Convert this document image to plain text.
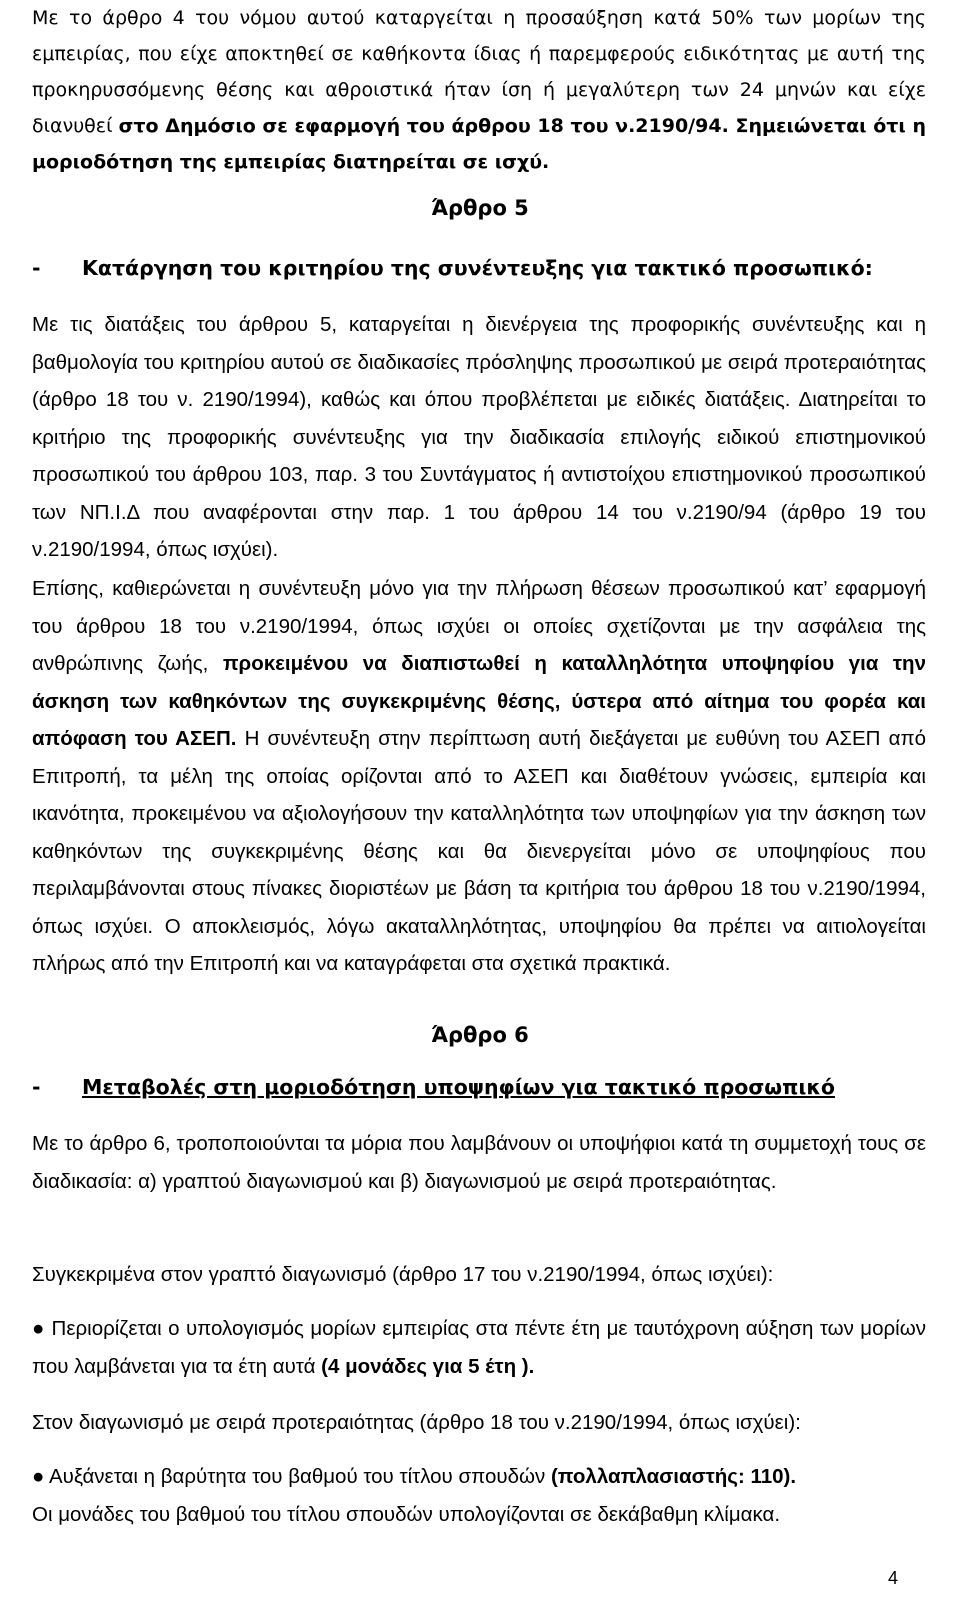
Με το άρθρο 4 του νόμου αυτού καταργείται η προσαύξηση κατά 50% των μορίων της εμπειρίας, που είχε αποκτηθεί σε καθήκοντα ίδιας ή παρεμφερούς ειδικότητας με αυτή της προκηρυσσόμενης θέσης και αθροιστικά ήταν ίση ή μεγαλύτερη των 24 μηνών και είχε διανυθεί στο Δημόσιο σε εφαρμογή του άρθρου 18 του ν.2190/94. Σημειώνεται ότι η μοριοδότηση της εμπειρίας διατηρείται σε ισχύ.

Άρθρο 5

- Κατάργηση του κριτηρίου της συνέντευξης για τακτικό προσωπικό:

Με τις διατάξεις του άρθρου 5, καταργείται η διενέργεια της προφορικής συνέντευξης και η βαθμολογία του κριτηρίου αυτού σε διαδικασίες πρόσληψης προσωπικού με σειρά προτεραιότητας (άρθρο 18 του ν. 2190/1994), καθώς και όπου προβλέπεται με ειδικές διατάξεις. Διατηρείται το κριτήριο της προφορικής συνέντευξης για την διαδικασία επιλογής ειδικού επιστημονικού προσωπικού του άρθρου 103, παρ. 3 του Συντάγματος ή αντιστοίχου επιστημονικού προσωπικού των ΝΠ.Ι.Δ που αναφέρονται στην παρ. 1 του άρθρου 14 του ν.2190/94 (άρθρο 19 του ν.2190/1994, όπως ισχύει).

Επίσης, καθιερώνεται η συνέντευξη μόνο για την πλήρωση θέσεων προσωπικού κατ’ εφαρμογή του άρθρου 18 του ν.2190/1994, όπως ισχύει οι οποίες σχετίζονται με την ασφάλεια της ανθρώπινης ζωής, προκειμένου να διαπιστωθεί η καταλληλότητα υποψηφίου για την άσκηση των καθηκόντων της συγκεκριμένης θέσης, ύστερα από αίτημα του φορέα και απόφαση του ΑΣΕΠ. Η συνέντευξη στην περίπτωση αυτή διεξάγεται με ευθύνη του ΑΣΕΠ από Επιτροπή, τα μέλη της οποίας ορίζονται από το ΑΣΕΠ και διαθέτουν γνώσεις, εμπειρία και ικανότητα, προκειμένου να αξιολογήσουν την καταλληλότητα των υποψηφίων για την άσκηση των καθηκόντων της συγκεκριμένης θέσης και θα διενεργείται μόνο σε υποψηφίους που περιλαμβάνονται στους πίνακες διοριστέων με βάση τα κριτήρια του άρθρου 18 του ν.2190/1994, όπως ισχύει. Ο αποκλεισμός, λόγω ακαταλληλότητας, υποψηφίου θα πρέπει να αιτιολογείται πλήρως από την Επιτροπή και να καταγράφεται στα σχετικά πρακτικά.

Άρθρο 6

- Μεταβολές στη μοριοδότηση υποψηφίων για τακτικό προσωπικό

Με το άρθρο 6, τροποποιούνται τα μόρια που λαμβάνουν οι υποψήφιοι κατά τη συμμετοχή τους σε διαδικασία: α) γραπτού διαγωνισμού και β) διαγωνισμού με σειρά προτεραιότητας.

Συγκεκριμένα στον γραπτό διαγωνισμό (άρθρο 17 του ν.2190/1994, όπως ισχύει):

● Περιορίζεται ο υπολογισμός μορίων εμπειρίας στα πέντε έτη με ταυτόχρονη αύξηση των μορίων που λαμβάνεται για τα έτη αυτά (4 μονάδες για 5 έτη ).

Στον διαγωνισμό με σειρά προτεραιότητας (άρθρο 18 του ν.2190/1994, όπως ισχύει):

● Αυξάνεται η βαρύτητα του βαθμού του τίτλου σπουδών (πολλαπλασιαστής: 110).
Οι μονάδες του βαθμού του τίτλου σπουδών υπολογίζονται σε δεκάβαθμη κλίμακα.

4
